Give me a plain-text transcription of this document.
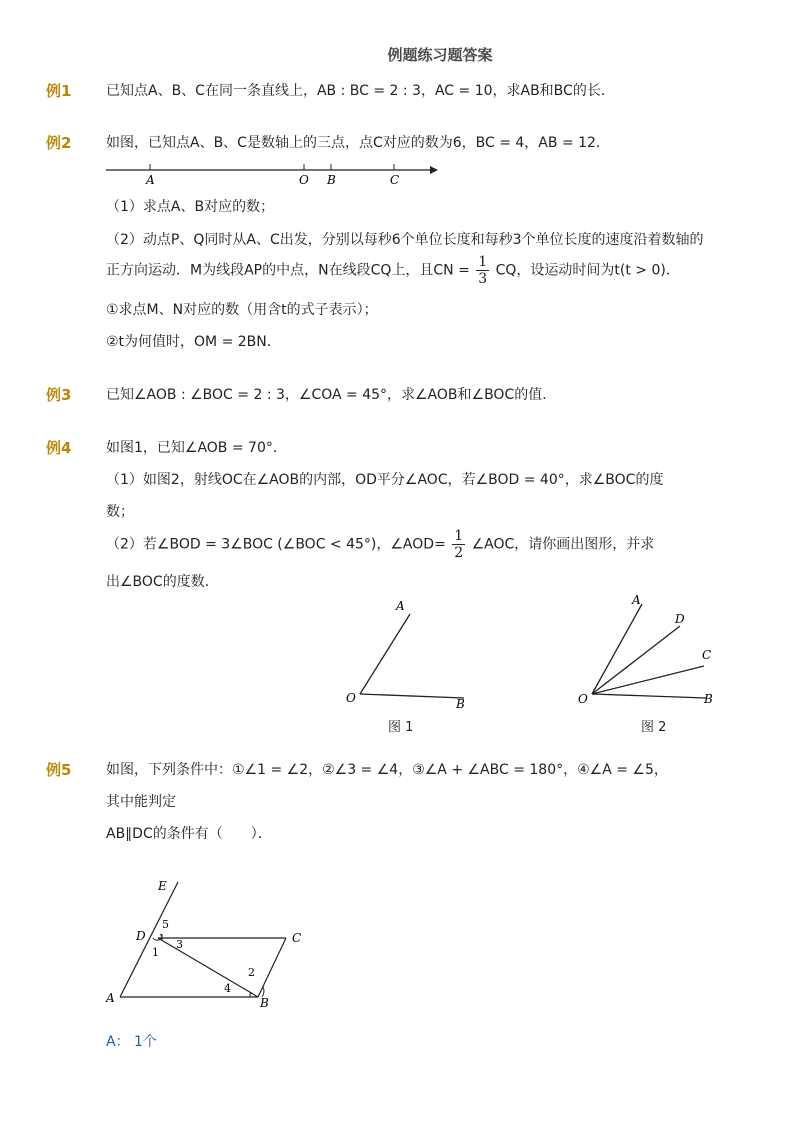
例题练习题答案
例1 已知点A、B、C在同一条直线上，AB : BC = 2 : 3，AC = 10，求AB和BC的长．
例2 如图，已知点A、B、C是数轴上的三点，点C对应的数为6，BC = 4，AB = 12．
A	O B	C
（1）求点A、B对应的数；
（2）动点P、Q同时从A、C出发，分别以每秒6个单位长度和每秒3个单位长度的速度沿着数轴的
正方向运动．M为线段AP的中点，N在线段CQ上，且CN = $\frac{1}{3}$ CQ，设运动时间为t(t > 0)．
①求点M、N对应的数（用含t的式子表示）；
②t为何值时，OM = 2BN．
例3 已知∠AOB : ∠BOC = 2 : 3，∠COA = 45°，求∠AOB和∠BOC的值．
例4 如图1，已知∠AOB = 70°．
（1）如图2，射线OC在∠AOB的内部，OD平分∠AOC，若∠BOD = 40°，求∠BOC的度
数；
（2）若∠BOD = 3∠BOC (∠BOC < 45°)，∠AOD= $\frac{1}{2}$ ∠AOC，请你画出图形，并求
出∠BOC的度数．
A
O	B
图 1
A
D
C
O	B
图 2
例5 如图，下列条件中：①∠1 = ∠2，②∠3 = ∠4，③∠A + ∠ABC = 180°，④∠A = ∠5，
其中能判定
AB∥DC的条件有（　　）．
E
D	C
A	B
1
2
3
4
5
A： 1个
